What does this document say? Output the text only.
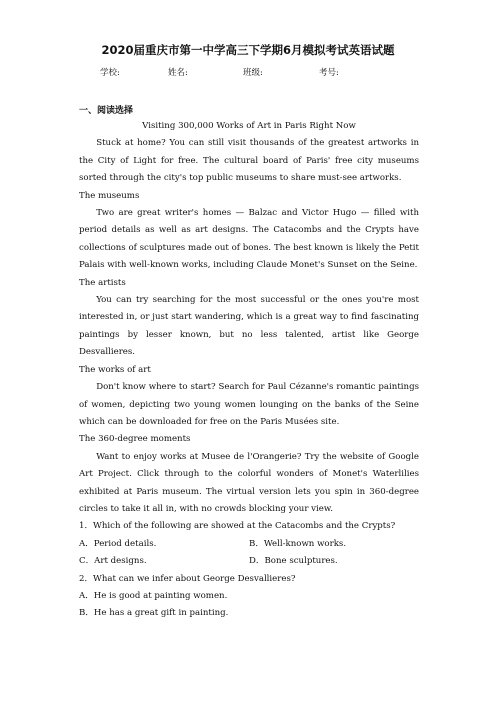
2020届重庆市第一中学高三下学期6月模拟考试英语试题
学校:	姓名:	班级:	考号:
一、阅读选择

Visiting 300,000 Works of Art in Paris Right Now

Stuck at home? You can still visit thousands of the greatest artworks in the City of Light for free. The cultural board of Paris' free city museums sorted through the city's top public museums to share must-see artworks.

The museums

Two are great writer's homes — Balzac and Victor Hugo — filled with period details as well as art designs. The Catacombs and the Crypts have collections of sculptures made out of bones. The best known is likely the Petit Palais with well-known works, including Claude Monet's Sunset on the Seine.

The artists

You can try searching for the most successful or the ones you're most interested in, or just start wandering, which is a great way to find fascinating paintings by lesser known, but no less talented, artist like George Desvallieres.

The works of art

Don't know where to start? Search for Paul Cézanne's romantic paintings of women, depicting two young women lounging on the banks of the Seine which can be downloaded for free on the Paris Musées site.

The 360-degree moments

Want to enjoy works at Musee de l'Orangerie? Try the website of Google Art Project. Click through to the colorful wonders of Monet's Waterlilies exhibited at Paris museum. The virtual version lets you spin in 360-degree circles to take it all in, with no crowds blocking your view.

1．Which of the following are showed at the Catacombs and the Crypts?

A．Period details.	B．Well-known works.
C．Art designs.	D．Bone sculptures.

2．What can we infer about George Desvallieres?

A．He is good at painting women.

B．He has a great gift in painting.
